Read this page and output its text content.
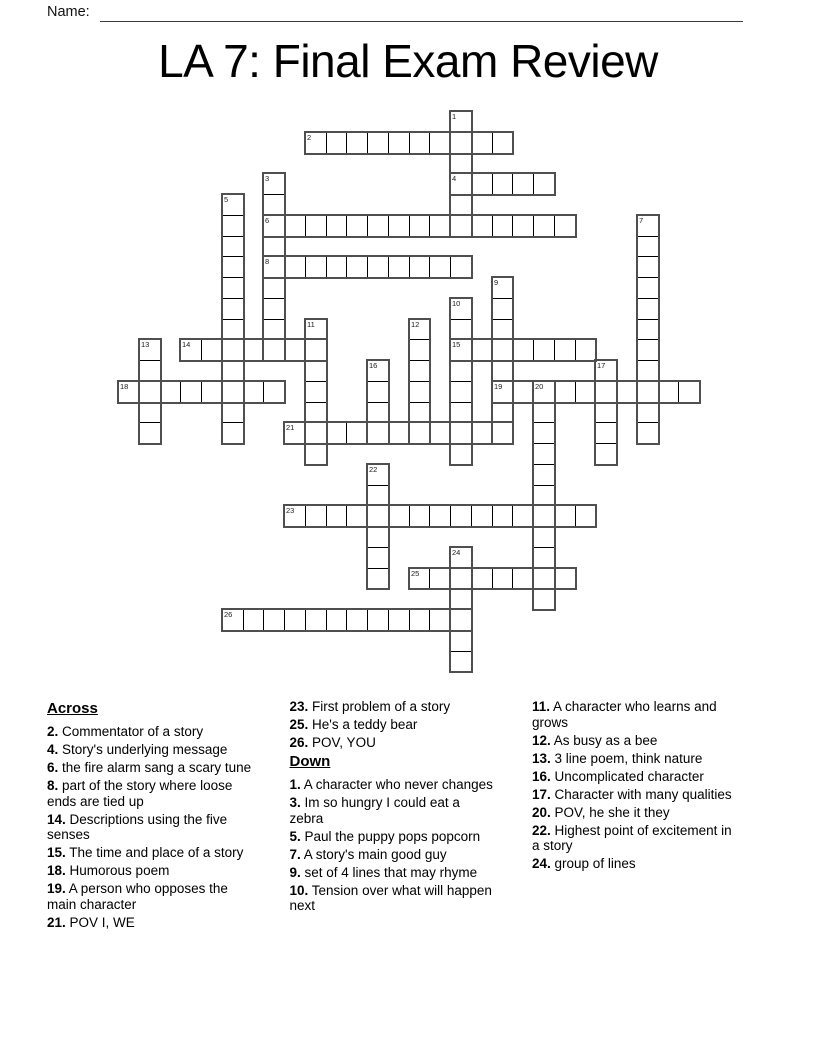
Name:
LA 7: Final Exam Review
1
2
3	4
5
6	7
8
9
10
11	12
13	14	15
16	17
18	19	20
21
22
23
24
25
26
Across
2. Commentator of a story
4. Story's underlying message
6. the fire alarm sang a scary tune
8. part of the story where loose ends are tied up
14. Descriptions using the five senses
15. The time and place of a story
18. Humorous poem
19. A person who opposes the main character
21. POV I, WE
23. First problem of a story
25. He's a teddy bear
26. POV, YOU
Down
1. A character who never changes
3. Im so hungry I could eat a zebra
5. Paul the puppy pops popcorn
7. A story's main good guy
9. set of 4 lines that may rhyme
10. Tension over what will happen next
11. A character who learns and grows
12. As busy as a bee
13. 3 line poem, think nature
16. Uncomplicated character
17. Character with many qualities
20. POV, he she it they
22. Highest point of excitement in a story
24. group of lines
